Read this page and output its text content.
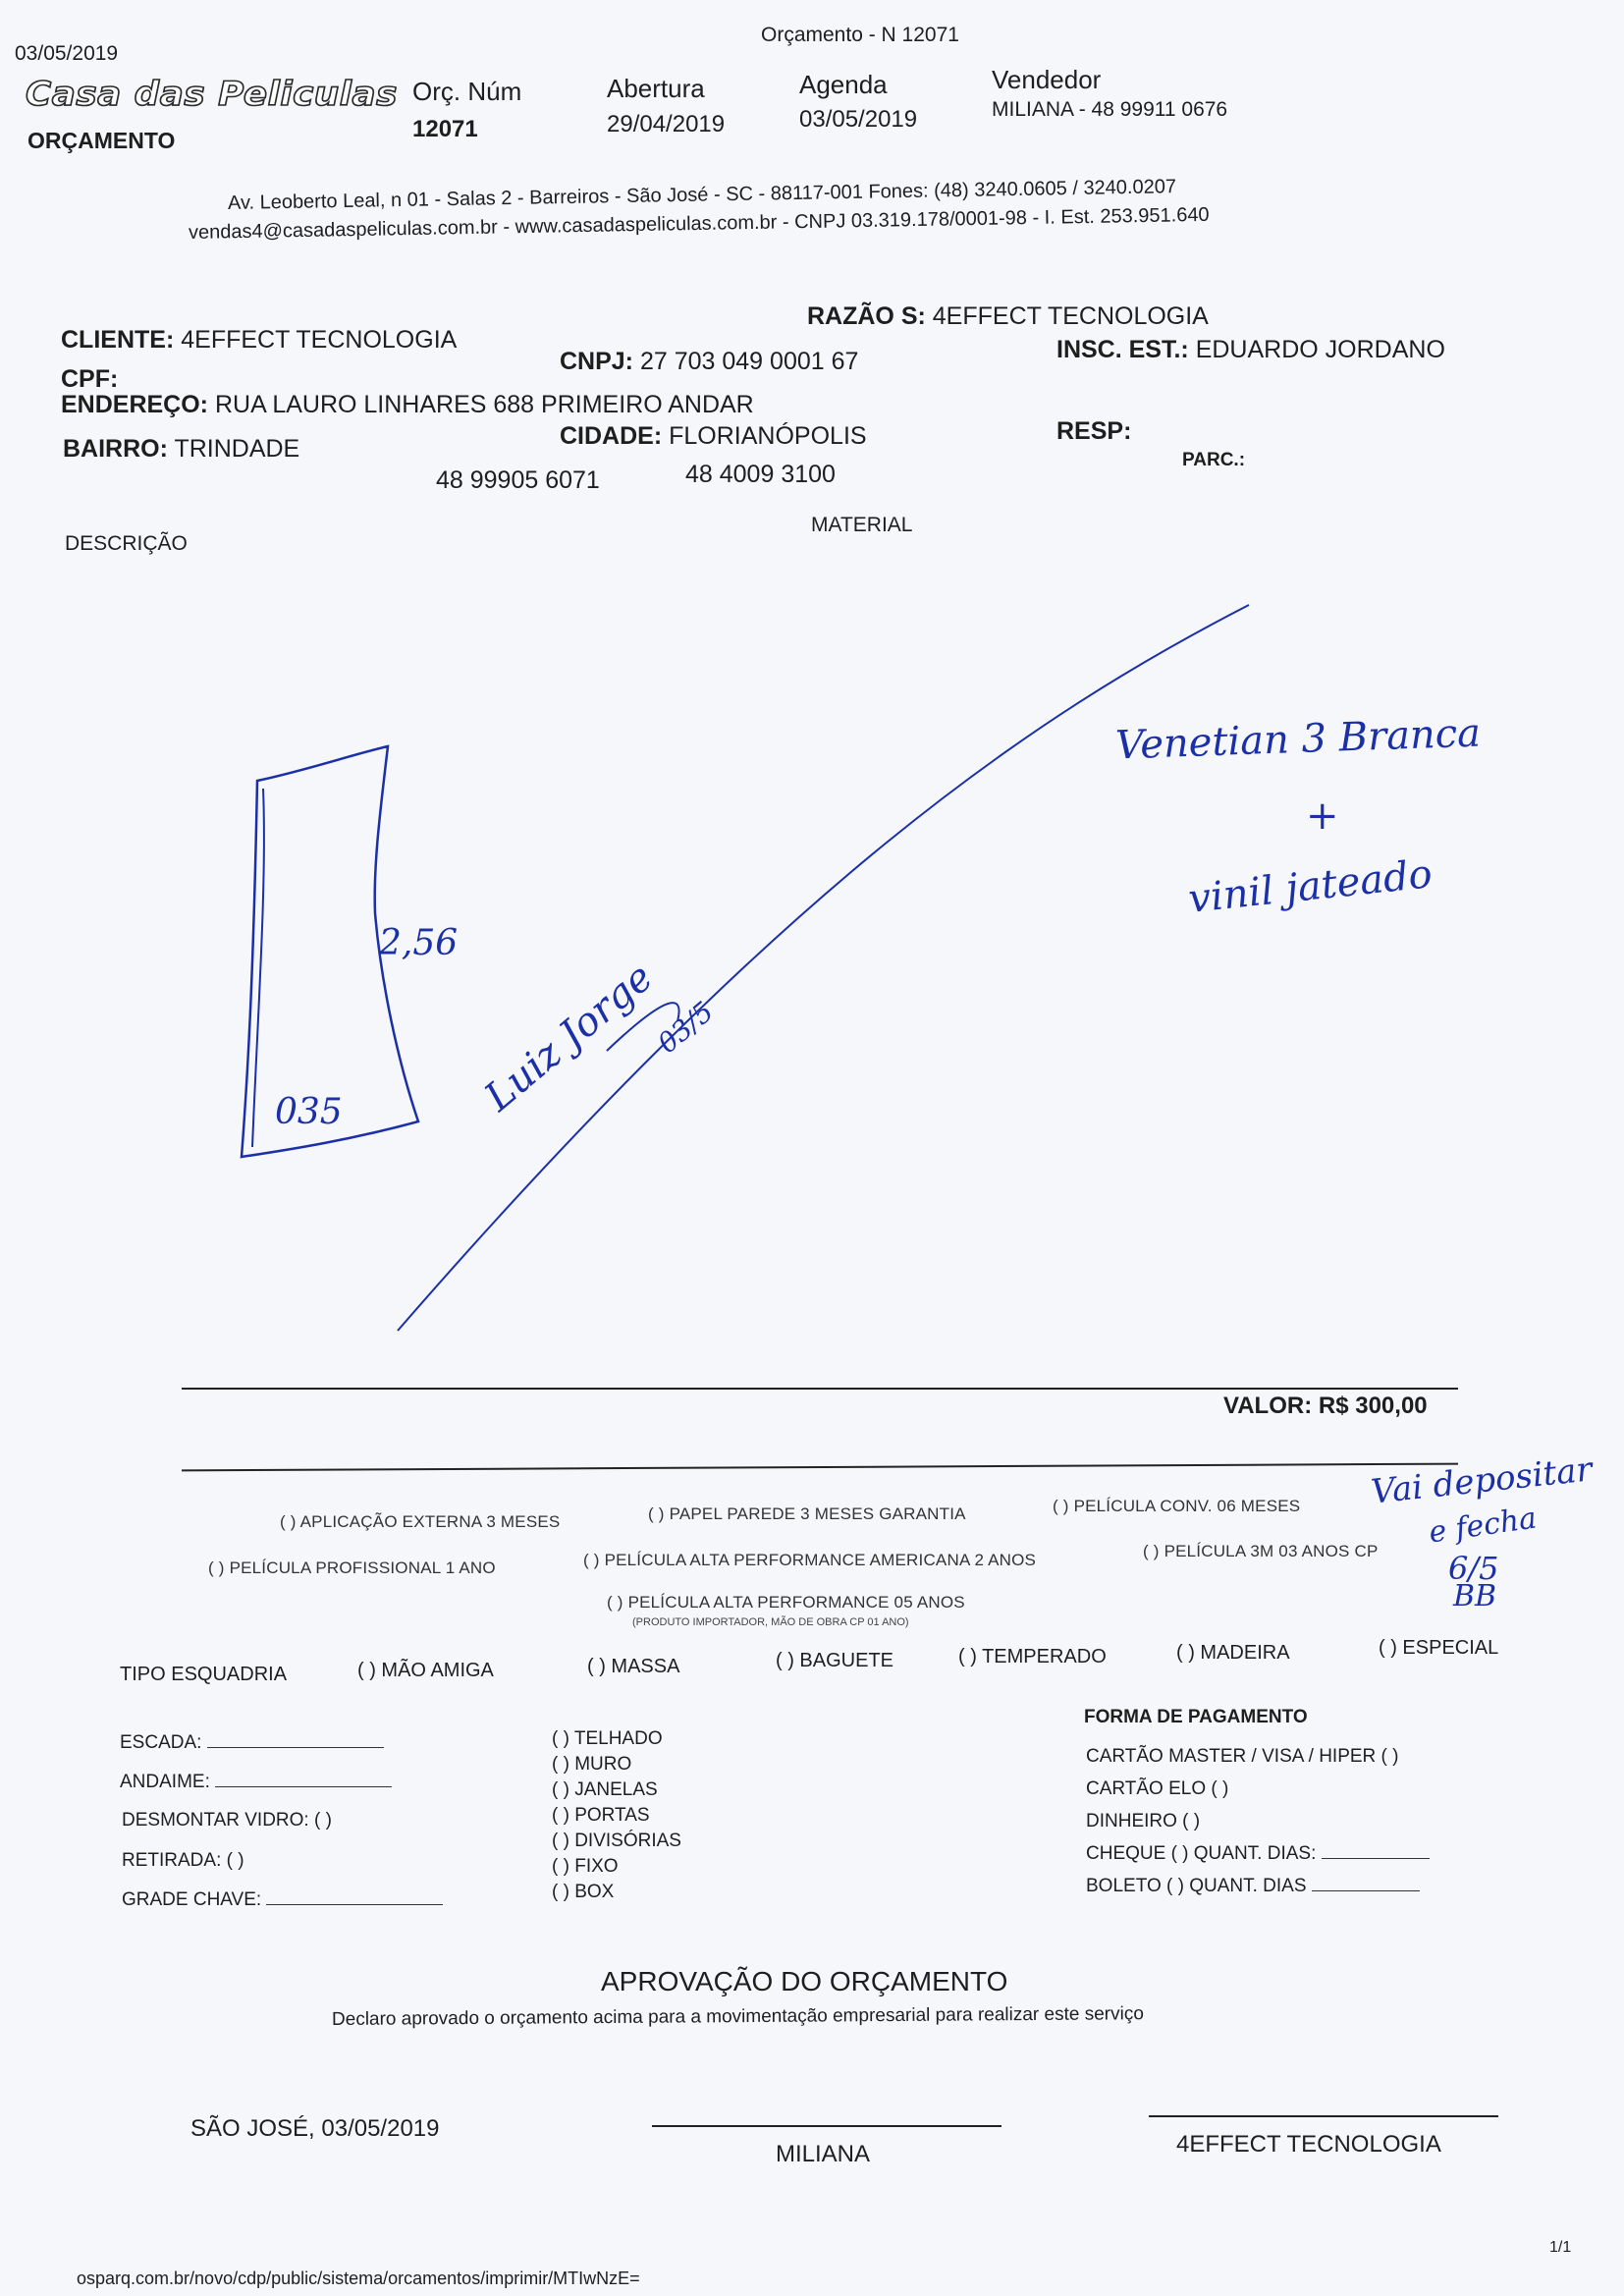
03/05/2019
Orçamento - N 12071
Casa das Peliculas
ORÇAMENTO
Orç. Núm
12071
Abertura
29/04/2019
Agenda
03/05/2019
Vendedor
MILIANA - 48 99911 0676
Av. Leoberto Leal, n 01 - Salas 2 - Barreiros - São José - SC - 88117-001 Fones: (48) 3240.0605 / 3240.0207
vendas4@casadaspeliculas.com.br - www.casadaspeliculas.com.br - CNPJ 03.319.178/0001-98 - I. Est. 253.951.640
CLIENTE: 4EFFECT TECNOLOGIA
RAZÃO S: 4EFFECT TECNOLOGIA
CPF:
CNPJ: 27 703 049 0001 67	INSC. EST.: EDUARDO JORDANO
ENDEREÇO: RUA LAURO LINHARES 688 PRIMEIRO ANDAR
BAIRRO: TRINDADE	CIDADE: FLORIANÓPOLIS	RESP:
48 99905 6071	48 4009 3100
PARC.:
DESCRIÇÃO
MATERIAL
2,56
035
Venetian 3 Branca
+
vinil jateado
Luiz Jorge
03/5
VALOR: R$ 300,00
( ) APLICAÇÃO EXTERNA 3 MESES	( ) PAPEL PAREDE 3 MESES GARANTIA	( ) PELÍCULA CONV. 06 MESES
( ) PELÍCULA PROFISSIONAL 1 ANO	( ) PELÍCULA ALTA PERFORMANCE AMERICANA 2 ANOS	( ) PELÍCULA 3M 03 ANOS CP
( ) PELÍCULA ALTA PERFORMANCE 05 ANOS
(PRODUTO IMPORTADOR, MÃO DE OBRA CP 01 ANO)
Vai depositar
e fecha
6/5
BB
TIPO ESQUADRIA	( ) MÃO AMIGA	( ) MASSA	( ) BAGUETE	( ) TEMPERADO	( ) MADEIRA	( ) ESPECIAL
ESCADA:
ANDAIME:
DESMONTAR VIDRO: ( )
RETIRADA: ( )
GRADE CHAVE:
( ) TELHADO
( ) MURO
( ) JANELAS
( ) PORTAS
( ) DIVISÓRIAS
( ) FIXO
( ) BOX
FORMA DE PAGAMENTO
CARTÃO MASTER / VISA / HIPER ( )
CARTÃO ELO ( )
DINHEIRO ( )
CHEQUE ( ) QUANT. DIAS:
BOLETO ( ) QUANT. DIAS
APROVAÇÃO DO ORÇAMENTO
Declaro aprovado o orçamento acima para a movimentação empresarial para realizar este serviço
SÃO JOSÉ, 03/05/2019
MILIANA	4EFFECT TECNOLOGIA
osparq.com.br/novo/cdp/public/sistema/orcamentos/imprimir/MTIwNzE=
1/1
